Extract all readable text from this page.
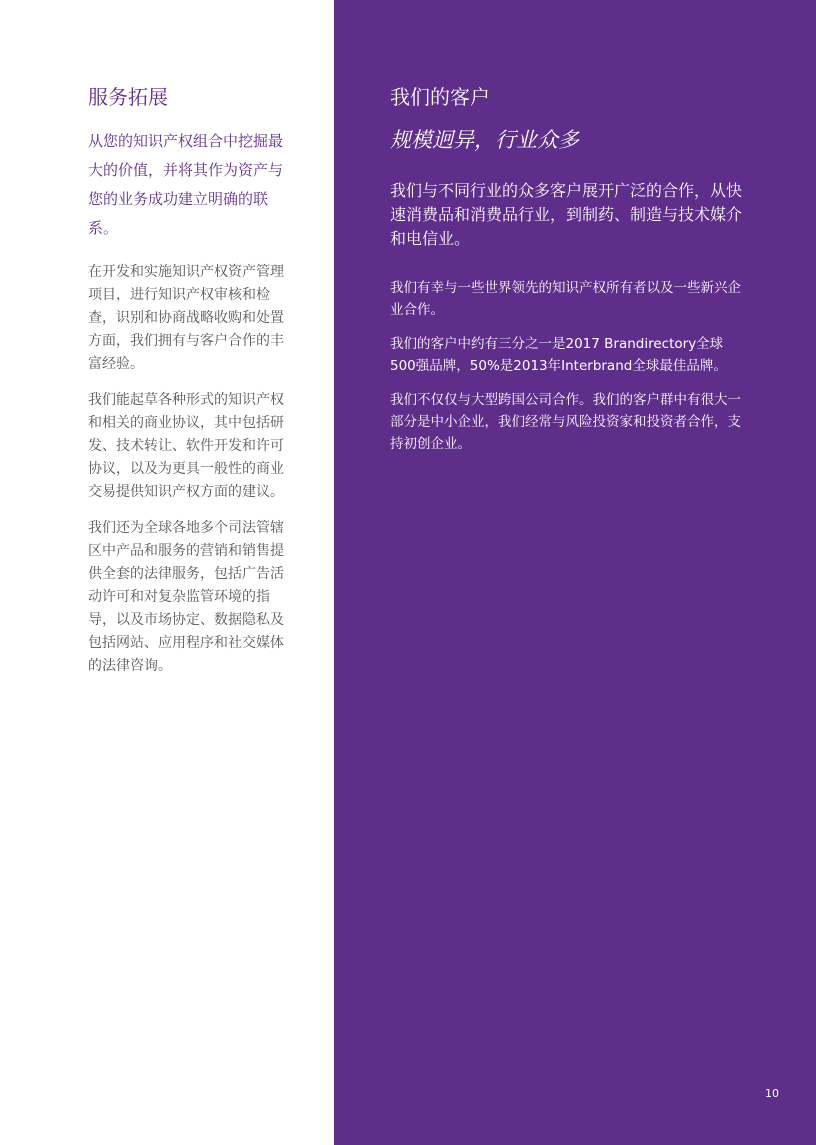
服务拓展

从您的知识产权组合中挖掘最大的价值，并将其作为资产与您的业务成功建立明确的联系。

在开发和实施知识产权资产管理项目，进行知识产权审核和检查，识别和协商战略收购和处置方面，我们拥有与客户合作的丰富经验。

我们能起草各种形式的知识产权和相关的商业协议，其中包括研发、技术转让、软件开发和许可协议，以及为更具一般性的商业交易提供知识产权方面的建议。

我们还为全球各地多个司法管辖区中产品和服务的营销和销售提供全套的法律服务，包括广告活动许可和对复杂监管环境的指导，以及市场协定、数据隐私及包括网站、应用程序和社交媒体的法律咨询。

我们的客户
规模迥异，行业众多

我们与不同行业的众多客户展开广泛的合作，从快速消费品和消费品行业，到制药、制造与技术媒介和电信业。

我们有幸与一些世界领先的知识产权所有者以及一些新兴企业合作。

我们的客户中约有三分之一是2017 Brandirectory全球500强品牌，50%是2013年Interbrand全球最佳品牌。

我们不仅仅与大型跨国公司合作。我们的客户群中有很大一部分是中小企业，我们经常与风险投资家和投资者合作，支持初创企业。

10
。
